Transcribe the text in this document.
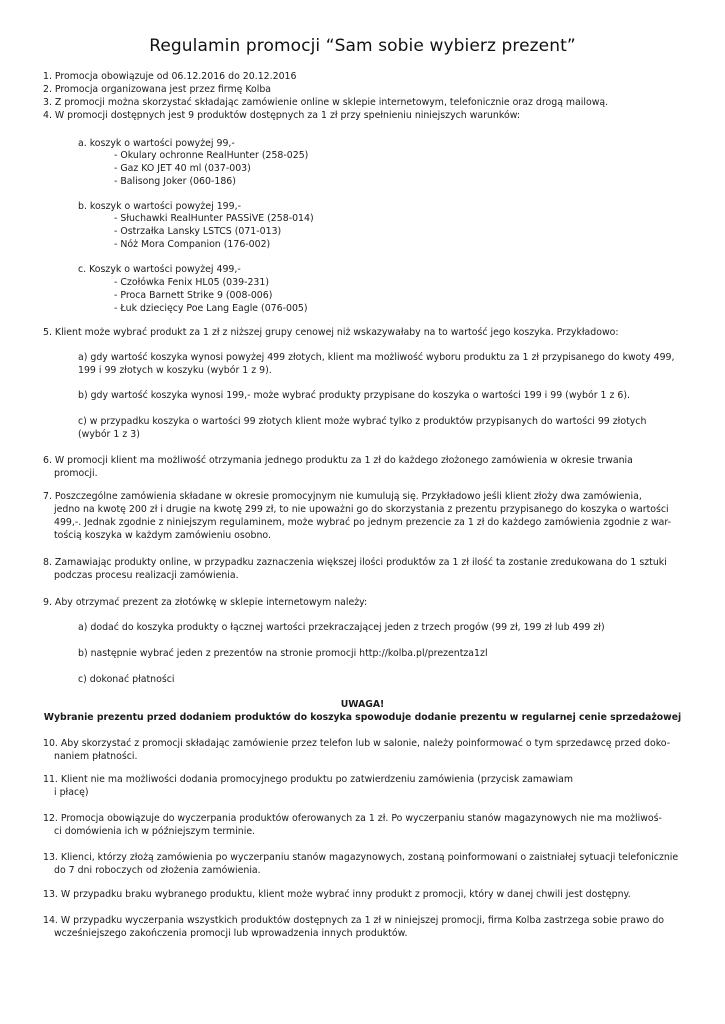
Regulamin promocji “Sam sobie wybierz prezent”
1. Promocja obowiązuje od 06.12.2016 do 20.12.2016
2. Promocja organizowana jest przez firmę Kolba
3. Z promocji można skorzystać składając zamówienie online w sklepie internetowym, telefonicznie oraz drogą mailową.
4. W promocji dostępnych jest 9 produktów dostępnych za 1 zł przy spełnieniu niniejszych warunków:
a. koszyk o wartości powyżej 99,-
- Okulary ochronne RealHunter (258-025)
- Gaz KO JET 40 ml (037-003)
- Balisong Joker (060-186)
b. koszyk o wartości powyżej 199,-
- Słuchawki RealHunter PASSiVE (258-014)
- Ostrzałka Lansky LSTCS (071-013)
- Nóż Mora Companion (176-002)
c. Koszyk o wartości powyżej 499,-
- Czołówka Fenix HL05 (039-231)
- Proca Barnett Strike 9 (008-006)
- Łuk dziecięcy Poe Lang Eagle (076-005)
5. Klient może wybrać produkt za 1 zł z niższej grupy cenowej niż wskazywałaby na to wartość jego koszyka. Przykładowo:
a) gdy wartość koszyka wynosi powyżej 499 złotych, klient ma możliwość wyboru produktu za 1 zł przypisanego do kwoty 499,
199 i 99 złotych w koszyku (wybór 1 z 9).
b) gdy wartość koszyka wynosi 199,- może wybrać produkty przypisane do koszyka o wartości 199 i 99 (wybór 1 z 6).
c) w przypadku koszyka o wartości 99 złotych klient może wybrać tylko z produktów przypisanych do wartości 99 złotych
(wybór 1 z 3)
6. W promocji klient ma możliwość otrzymania jednego produktu za 1 zł do każdego złożonego zamówienia w okresie trwania
promocji.
7. Poszczególne zamówienia składane w okresie promocyjnym nie kumulują się. Przykładowo jeśli klient złoży dwa zamówienia,
jedno na kwotę 200 zł i drugie na kwotę 299 zł, to nie upoważni go do skorzystania z prezentu przypisanego do koszyka o wartości
499,-. Jednak zgodnie z niniejszym regulaminem, może wybrać po jednym prezencie za 1 zł do każdego zamówienia zgodnie z war-
tością koszyka w każdym zamówieniu osobno.
8. Zamawiając produkty online, w przypadku zaznaczenia większej ilości produktów za 1 zł ilość ta zostanie zredukowana do 1 sztuki
podczas procesu realizacji zamówienia.
9. Aby otrzymać prezent za złotówkę w sklepie internetowym należy:
a) dodać do koszyka produkty o łącznej wartości przekraczającej jeden z trzech progów (99 zł, 199 zł lub 499 zł)
b) następnie wybrać jeden z prezentów na stronie promocji http://kolba.pl/prezentza1zl
c) dokonać płatności
UWAGA!
Wybranie prezentu przed dodaniem produktów do koszyka spowoduje dodanie prezentu w regularnej cenie sprzedażowej
10. Aby skorzystać z promocji składając zamówienie przez telefon lub w salonie, należy poinformować o tym sprzedawcę przed doko-
naniem płatności.
11. Klient nie ma możliwości dodania promocyjnego produktu po zatwierdzeniu zamówienia (przycisk zamawiam
i płacę)
12. Promocja obowiązuje do wyczerpania produktów oferowanych za 1 zł. Po wyczerpaniu stanów magazynowych nie ma możliwoś-
ci domówienia ich w późniejszym terminie.
13. Klienci, którzy złożą zamówienia po wyczerpaniu stanów magazynowych, zostaną poinformowani o zaistniałej sytuacji telefonicznie
do 7 dni roboczych od złożenia zamówienia.
13. W przypadku braku wybranego produktu, klient może wybrać inny produkt z promocji, który w danej chwili jest dostępny.
14. W przypadku wyczerpania wszystkich produktów dostępnych za 1 zł w niniejszej promocji, firma Kolba zastrzega sobie prawo do
wcześniejszego zakończenia promocji lub wprowadzenia innych produktów.
